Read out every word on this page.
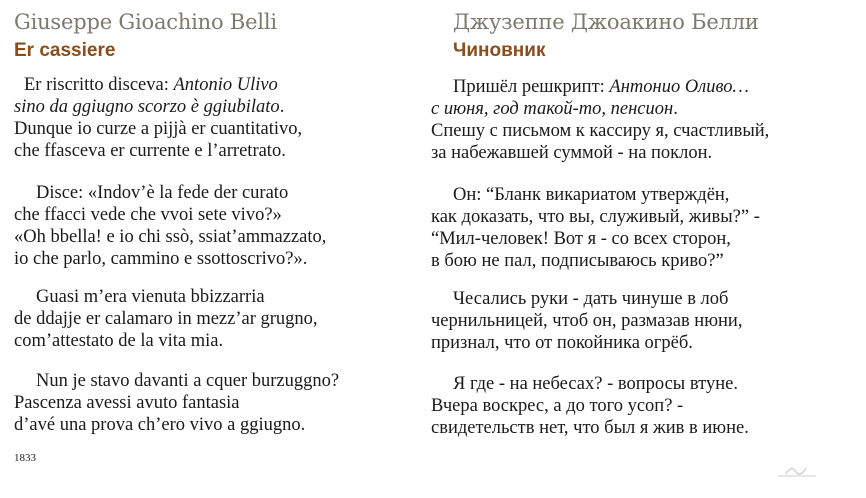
Giuseppe Gioachino Belli
Er cassiere
Er riscritto disceva: Antonio Ulivo
sino da ggiugno scorzo è ggiubilato.
Dunque io curze a pijjà er cuantitativo,
che ffasceva er currente e l’arretrato.
Disce: «Indov’è la fede der curato
che ffacci vede che vvoi sete vivo?»
«Oh bbella! e io chi ssò, ssiat’ammazzato,
io che parlo, cammino e ssottoscrivo?».
Guasi m’era vienuta bbizzarria
de ddajje er calamaro in mezz’ar grugno,
com’attestato de la vita mia.
Nun je stavo davanti a cquer burzuggno?
Pascenza avessi avuto fantasia
d’avé una prova ch’ero vivo a ggiugno.
1833
Джузеппе Джоакино Белли
Чиновник
Пришёл решкрипт: Антонио Оливо…
с июня, год такой-то, пенсион.
Спешу с письмом к кассиру я, счастливый,
за набежавшей суммой - на поклон.
Он: “Бланк викариатом утверждён,
как доказать, что вы, служивый, живы?” -
“Мил-человек! Вот я - со всех сторон,
в бою не пал, подписываюсь криво?”
Чесались руки - дать чинуше в лоб
чернильницей, чтоб он, размазав нюни,
признал, что от покойника огрёб.
Я где - на небесах? - вопросы втуне.
Вчера воскрес, а до того усоп? -
свидетельств нет, что был я жив в июне.
